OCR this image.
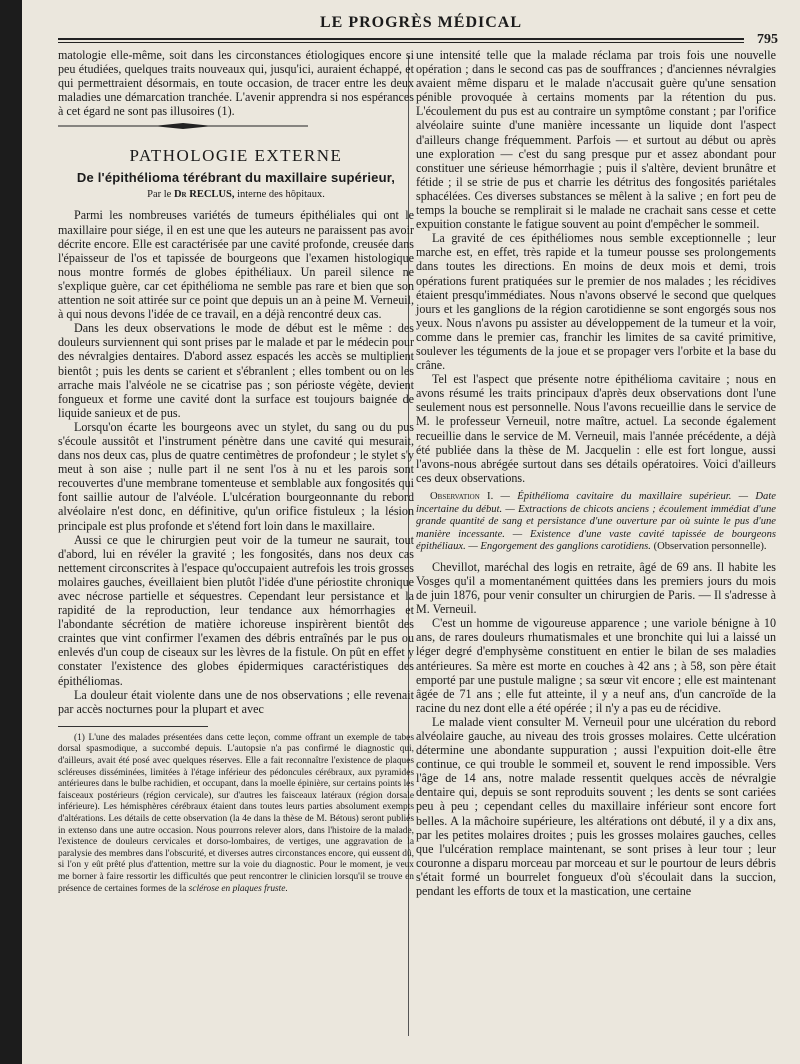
LE PROGRÈS MÉDICAL
795

matologie elle-même, soit dans les circonstances étiologiques encore si peu étudiées, quelques traits nouveaux qui, jusqu'ici, auraient échappé, et qui permettraient désormais, en toute occasion, de tracer entre les deux maladies une démarcation tranchée. L'avenir apprendra si nos espérances à cet égard ne sont pas illusoires (1).

PATHOLOGIE EXTERNE
De l'épithélioma térébrant du maxillaire supérieur,
Par le Dr RECLUS, interne des hôpitaux.

Parmi les nombreuses variétés de tumeurs épithéliales qui ont le maxillaire pour siége, il en est une que les auteurs ne paraissent pas avoir décrite encore. Elle est caractérisée par une cavité profonde, creusée dans l'épaisseur de l'os et tapissée de bourgeons que l'examen histologique nous montre formés de globes épithéliaux. Un pareil silence ne s'explique guère, car cet épithélioma ne semble pas rare et bien que son attention ne soit attirée sur ce point que depuis un an à peine M. Verneuil, à qui nous devons l'idée de ce travail, en a déjà rencontré deux cas.

Dans les deux observations le mode de début est le même : des douleurs surviennent qui sont prises par le malade et par le médecin pour des névralgies dentaires. D'abord assez espacés les accès se multiplient bientôt ; puis les dents se carient et s'ébranlent ; elles tombent ou on les arrache mais l'alvéole ne se cicatrise pas ; son périoste végète, devient fongueux et forme une cavité dont la surface est toujours baignée de liquide sanieux et de pus.

Lorsqu'on écarte les bourgeons avec un stylet, du sang ou du pus s'écoule aussitôt et l'instrument pénètre dans une cavité qui mesurait, dans nos deux cas, plus de quatre centimètres de profondeur ; le stylet s'y meut à son aise ; nulle part il ne sent l'os à nu et les parois sont recouvertes d'une membrane tomenteuse et semblable aux fongosités qui font saillie autour de l'alvéole. L'ulcération bourgeonnante du rebord alvéolaire n'est donc, en définitive, qu'un orifice fistuleux ; la lésion principale est plus profonde et s'étend fort loin dans le maxillaire.

Aussi ce que le chirurgien peut voir de la tumeur ne saurait, tout d'abord, lui en révéler la gravité ; les fongosités, dans nos deux cas nettement circonscrites à l'espace qu'occupaient autrefois les trois grosses molaires gauches, éveillaient bien plutôt l'idée d'une périostite chronique avec nécrose partielle et séquestres. Cependant leur persistance et la rapidité de la reproduction, leur tendance aux hémorrhagies et l'abondante sécrétion de matière ichoreuse inspirèrent bientôt des craintes que vint confirmer l'examen des débris entraînés par le pus ou enlevés d'un coup de ciseaux sur les lèvres de la fistule. On pût en effet y constater l'existence des globes épidermiques caractéristiques des épithéliomas.

La douleur était violente dans une de nos observations ; elle revenait par accès nocturnes pour la plupart et avec

(1) L'une des malades présentées dans cette leçon, comme offrant un exemple de tabes dorsal spasmodique, a succombé depuis. L'autopsie n'a pas confirmé le diagnostic qui, d'ailleurs, avait été posé avec quelques réserves. Elle a fait reconnaître l'existence de plaques scléreuses disséminées, limitées à l'étage inférieur des pédoncules cérébraux, aux pyramides antérieures dans le bulbe rachidien, et occupant, dans la moelle épinière, sur certains points les faisceaux postérieurs (région cervicale), sur d'autres les faisceaux latéraux (région dorsale inférieure). Les hémisphères cérébraux étaient dans toutes leurs parties absolument exempts d'altérations. Les détails de cette observation (la 4e dans la thèse de M. Bétous) seront publiés in extenso dans une autre occasion. Nous pourrons relever alors, dans l'histoire de la malade, l'existence de douleurs cervicales et dorso-lombaires, de vertiges, une aggravation de la paralysie des membres dans l'obscurité, et diverses autres circonstances encore, qui eussent dû, si l'on y eût prêté plus d'attention, mettre sur la voie du diagnostic. Pour le moment, je veux me borner à faire ressortir les difficultés que peut rencontrer le clinicien lorsqu'il se trouve en présence de certaines formes de la sclérose en plaques fruste.

une intensité telle que la malade réclama par trois fois une nouvelle opération ; dans le second cas pas de souffrances ; d'anciennes névralgies avaient même disparu et le malade n'accusait guère qu'une sensation pénible provoquée à certains moments par la rétention du pus. L'écoulement du pus est au contraire un symptôme constant ; par l'orifice alvéolaire suinte d'une manière incessante un liquide dont l'aspect d'ailleurs change fréquemment. Parfois — et surtout au début ou après une exploration — c'est du sang presque pur et assez abondant pour constituer une sérieuse hémorrhagie ; puis il s'altère, devient brunâtre et fétide ; il se strie de pus et charrie les détritus des fongosités pariétales sphacélées. Ces diverses substances se mêlent à la salive ; en fort peu de temps la bouche se remplirait si le malade ne crachait sans cesse et cette expuition constante le fatigue souvent au point d'empêcher le sommeil.

La gravité de ces épithéliomes nous semble exceptionnelle ; leur marche est, en effet, très rapide et la tumeur pousse ses prolongements dans toutes les directions. En moins de deux mois et demi, trois opérations furent pratiquées sur le premier de nos malades ; les récidives étaient presqu'immédiates. Nous n'avons observé le second que quelques jours et les ganglions de la région carotidienne se sont engorgés sous nos yeux. Nous n'avons pu assister au développement de la tumeur et la voir, comme dans le premier cas, franchir les limites de sa cavité primitive, soulever les téguments de la joue et se propager vers l'orbite et la base du crâne.

Tel est l'aspect que présente notre épithélioma cavitaire ; nous en avons résumé les traits principaux d'après deux observations dont l'une seulement nous est personnelle. Nous l'avons recueillie dans le service de M. le professeur Verneuil, notre maître, actuel. La seconde également recueillie dans le service de M. Verneuil, mais l'année précédente, a déjà été publiée dans la thèse de M. Jacquelin : elle est fort longue, aussi l'avons-nous abrégée surtout dans ses détails opératoires. Voici d'ailleurs ces deux observations.

Observation I. — Épithélioma cavitaire du maxillaire supérieur. — Date incertaine du début. — Extractions de chicots anciens ; écoulement immédiat d'une grande quantité de sang et persistance d'une ouverture par où suinte le pus d'une manière incessante. — Existence d'une vaste cavité tapissée de bourgeons épithéliaux. — Engorgement des ganglions carotidiens. (Observation personnelle).

Chevillot, maréchal des logis en retraite, âgé de 69 ans. Il habite les Vosges qu'il a momentanément quittées dans les premiers jours du mois de juin 1876, pour venir consulter un chirurgien de Paris. — Il s'adresse à M. Verneuil.

C'est un homme de vigoureuse apparence ; une variole bénigne à 10 ans, de rares douleurs rhumatismales et une bronchite qui lui a laissé un léger degré d'emphysème constituent en entier le bilan de ses maladies antérieures. Sa mère est morte en couches à 42 ans ; à 58, son père était emporté par une pustule maligne ; sa sœur vit encore ; elle est maintenant âgée de 71 ans ; elle fut atteinte, il y a neuf ans, d'un cancroïde de la racine du nez dont elle a été opérée ; il n'y a pas eu de récidive.

Le malade vient consulter M. Verneuil pour une ulcération du rebord alvéolaire gauche, au niveau des trois grosses molaires. Cette ulcération détermine une abondante suppuration ; aussi l'expuition doit-elle être continue, ce qui trouble le sommeil et, souvent le rend impossible. Vers l'âge de 14 ans, notre malade ressentit quelques accès de névralgie dentaire qui, depuis se sont reproduits souvent ; les dents se sont cariées peu à peu ; cependant celles du maxillaire inférieur sont encore fort belles. A la mâchoire supérieure, les altérations ont débuté, il y a dix ans, par les petites molaires droites ; puis les grosses molaires gauches, celles que l'ulcération remplace maintenant, se sont prises à leur tour ; leur couronne a disparu morceau par morceau et sur le pourtour de leurs débris s'était formé un bourrelet fongueux d'où s'écoulait dans la succion, pendant les efforts de toux et la mastication, une certaine
